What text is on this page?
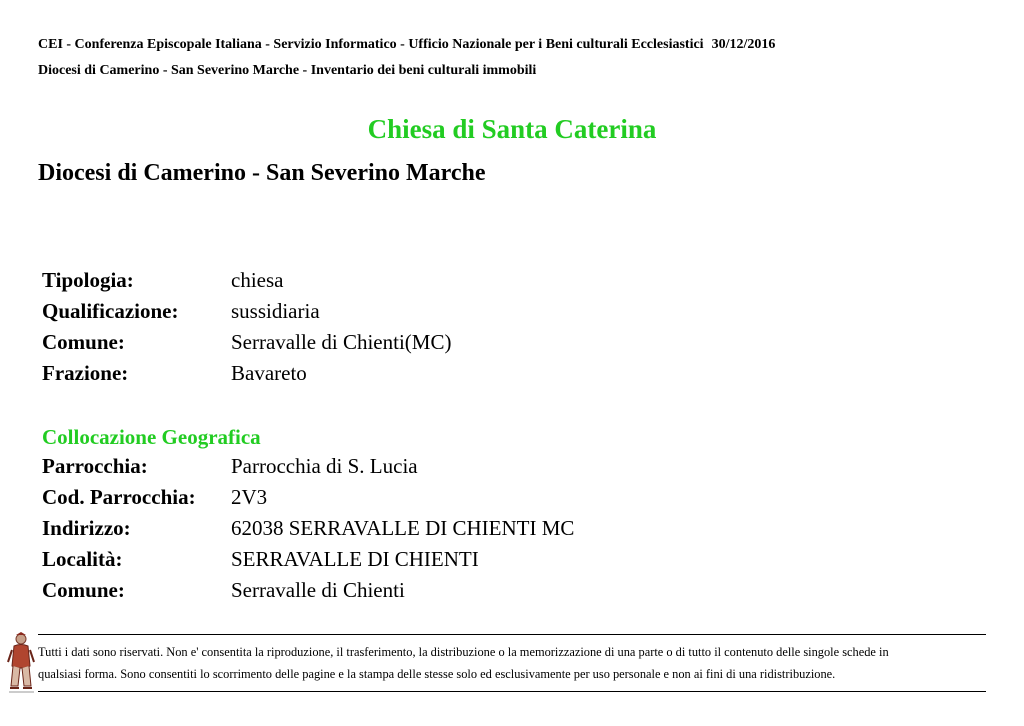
CEI - Conferenza Episcopale Italiana - Servizio Informatico - Ufficio Nazionale per i Beni culturali Ecclesiastici 30/12/2016
Diocesi di Camerino - San Severino Marche - Inventario dei beni culturali immobili
Chiesa di Santa Caterina
Diocesi di Camerino - San Severino Marche
Tipologia:	chiesa
Qualificazione:	sussidiaria
Comune:	Serravalle di Chienti(MC)
Frazione:	Bavareto
Collocazione Geografica
Parrocchia:	Parrocchia di S. Lucia
Cod. Parrocchia: 2V3
Indirizzo:	62038 SERRAVALLE DI CHIENTI MC
Località:	SERRAVALLE DI CHIENTI
Comune:	Serravalle di Chienti
Tutti i dati sono riservati. Non e' consentita la riproduzione, il trasferimento, la distribuzione o la memorizzazione di una parte o di tutto il contenuto delle singole schede in
qualsiasi forma. Sono consentiti lo scorrimento delle pagine e la stampa delle stesse solo ed esclusivamente per uso personale e non ai fini di una ridistribuzione.
